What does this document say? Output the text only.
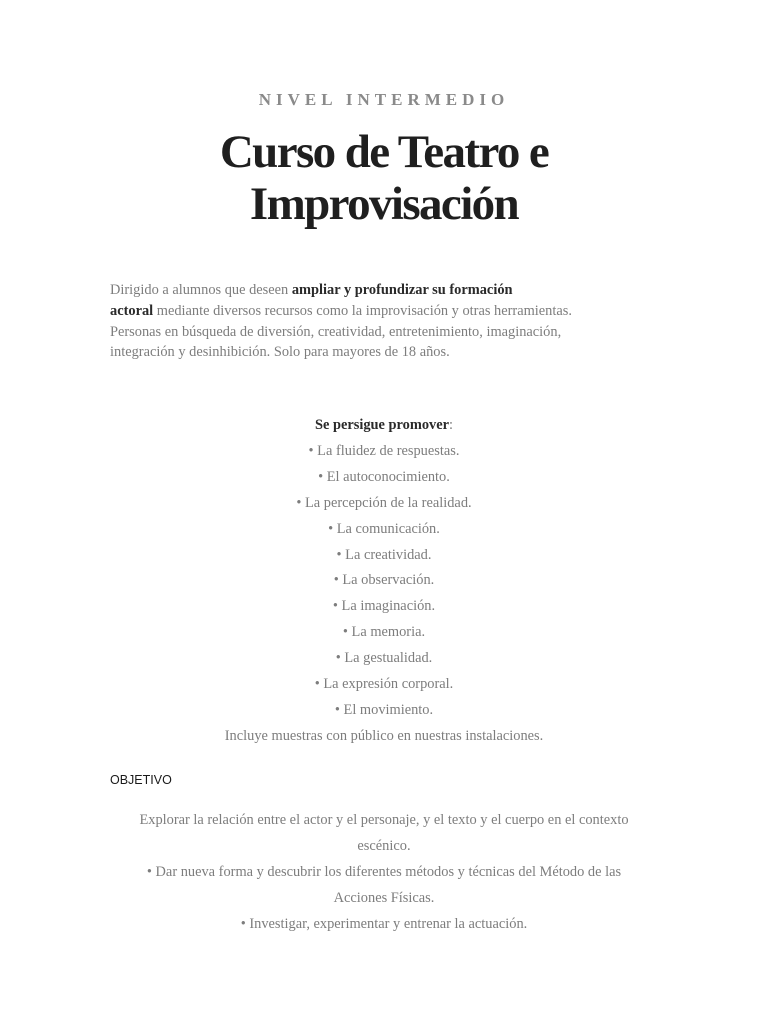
NIVEL INTERMEDIO
Curso de Teatro e
Improvisación

Dirigido a alumnos que deseen ampliar y profundizar su formación
actoral mediante diversos recursos como la improvisación y otras herramientas.
Personas en búsqueda de diversión, creatividad, entretenimiento, imaginación,
integración y desinhibición. Solo para mayores de 18 años.

Se persigue promover:
• La fluidez de respuestas.
• El autoconocimiento.
• La percepción de la realidad.
• La comunicación.
• La creatividad.
• La observación.
• La imaginación.
• La memoria.
• La gestualidad.
• La expresión corporal.
• El movimiento.
Incluye muestras con público en nuestras instalaciones.
OBJETIVO

Explorar la relación entre el actor y el personaje, y el texto y el cuerpo en el contexto
escénico.
• Dar nueva forma y descubrir los diferentes métodos y técnicas del Método de las
Acciones Físicas.
• Investigar, experimentar y entrenar la actuación.
